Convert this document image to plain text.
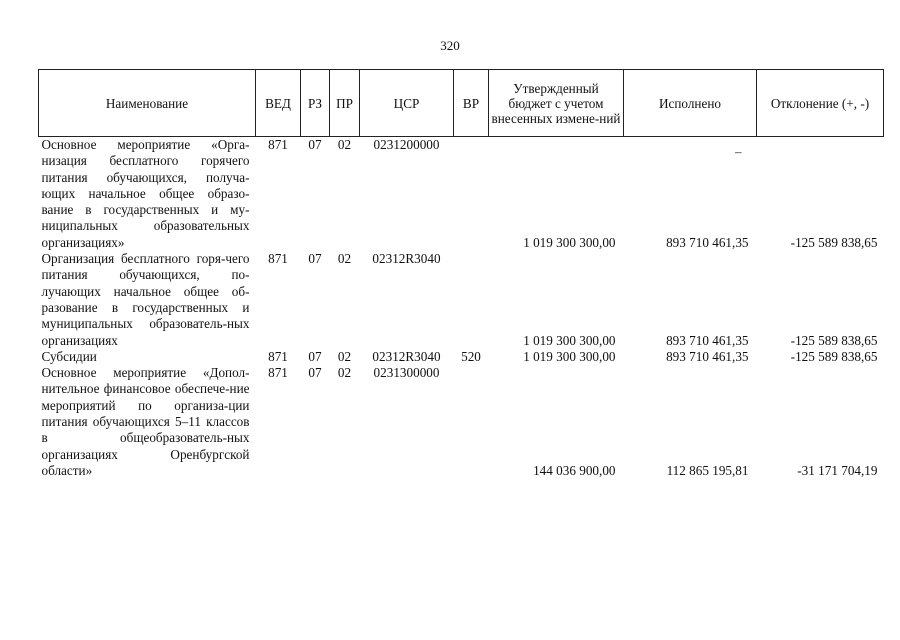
320
Наименование	ВЕД	РЗ	ПР	ЦСР	ВР	Утвержденный бюджет с учетом внесенных измене-ний	Исполнено	Отклонение (+, -)
Основное мероприятие «Орга-низация бесплатного горячего питания обучающихся, получа-ющих начальное общее образо-вание в государственных и му-ниципальных образовательных организациях»	871	07	02	0231200000		1 019 300 300,00	893 710 461,35	-125 589 838,65
Организация бесплатного горя-чего питания обучающихся, по-лучающих начальное общее об-разование в государственных и муниципальных образователь-ных организациях	871	07	02	02312R3040		1 019 300 300,00	893 710 461,35	-125 589 838,65
Субсидии	871	07	02	02312R3040	520	1 019 300 300,00	893 710 461,35	-125 589 838,65
Основное мероприятие «Допол-нительное финансовое обеспече-ние мероприятий по организа-ции питания обучающихся 5–11 классов в общеобразователь-ных организациях Оренбургской области»	871	07	02	0231300000		144 036 900,00	112 865 195,81	-31 171 704,19
–
